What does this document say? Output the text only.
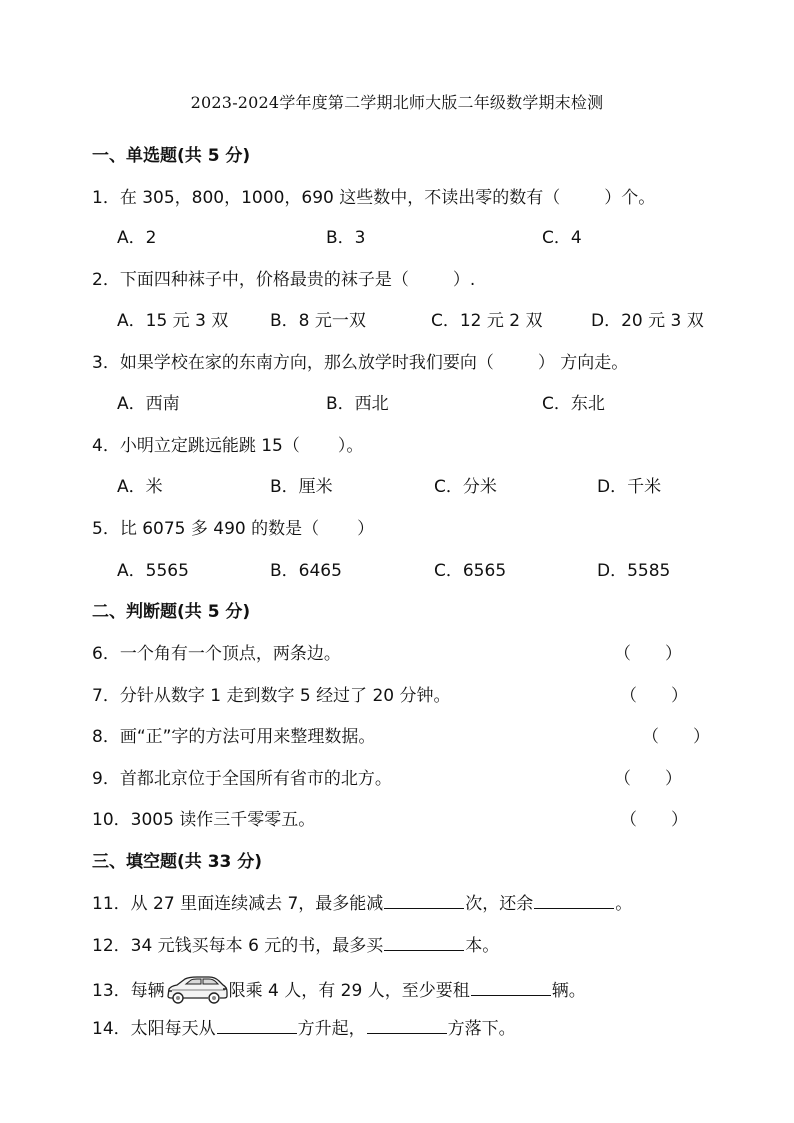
2023-2024学年度第二学期北师大版二年级数学期末检测
一、单选题(共 5 分)
1．在 305，800，1000，690 这些数中，不读出零的数有（	）个。
A．2	B．3	C．4
2．下面四种袜子中，价格最贵的袜子是（	）.
A．15 元 3 双 B．8 元一双	C．12 元 2 双	D．20 元 3 双
3．如果学校在家的东南方向，那么放学时我们要向（	） 方向走。
A．西南	B．西北	C．东北
4．小明立定跳远能跳 15（ ）。
A．米	B．厘米	C．分米	D．千米
5．比 6075 多 490 的数是（ ）
A．5565	B．6465	C．6565	D．5585
二、判断题(共 5 分)
6．一个角有一个顶点，两条边。	（　　）
7．分针从数字 1 走到数字 5 经过了 20 分钟。	（　　）
8．画“正”字的方法可用来整理数据。	（　　）
9．首都北京位于全国所有省市的北方。	（　　）
10．3005 读作三千零零五。	（　　）
三、填空题(共 33 分)
11．从 27 里面连续减去 7，最多能减	次，还余	。
12．34 元钱买每本 6 元的书，最多买	本。
13．每辆	限乘 4 人，有 29 人，至少要租	辆。
14．太阳每天从	方升起，	方落下。
